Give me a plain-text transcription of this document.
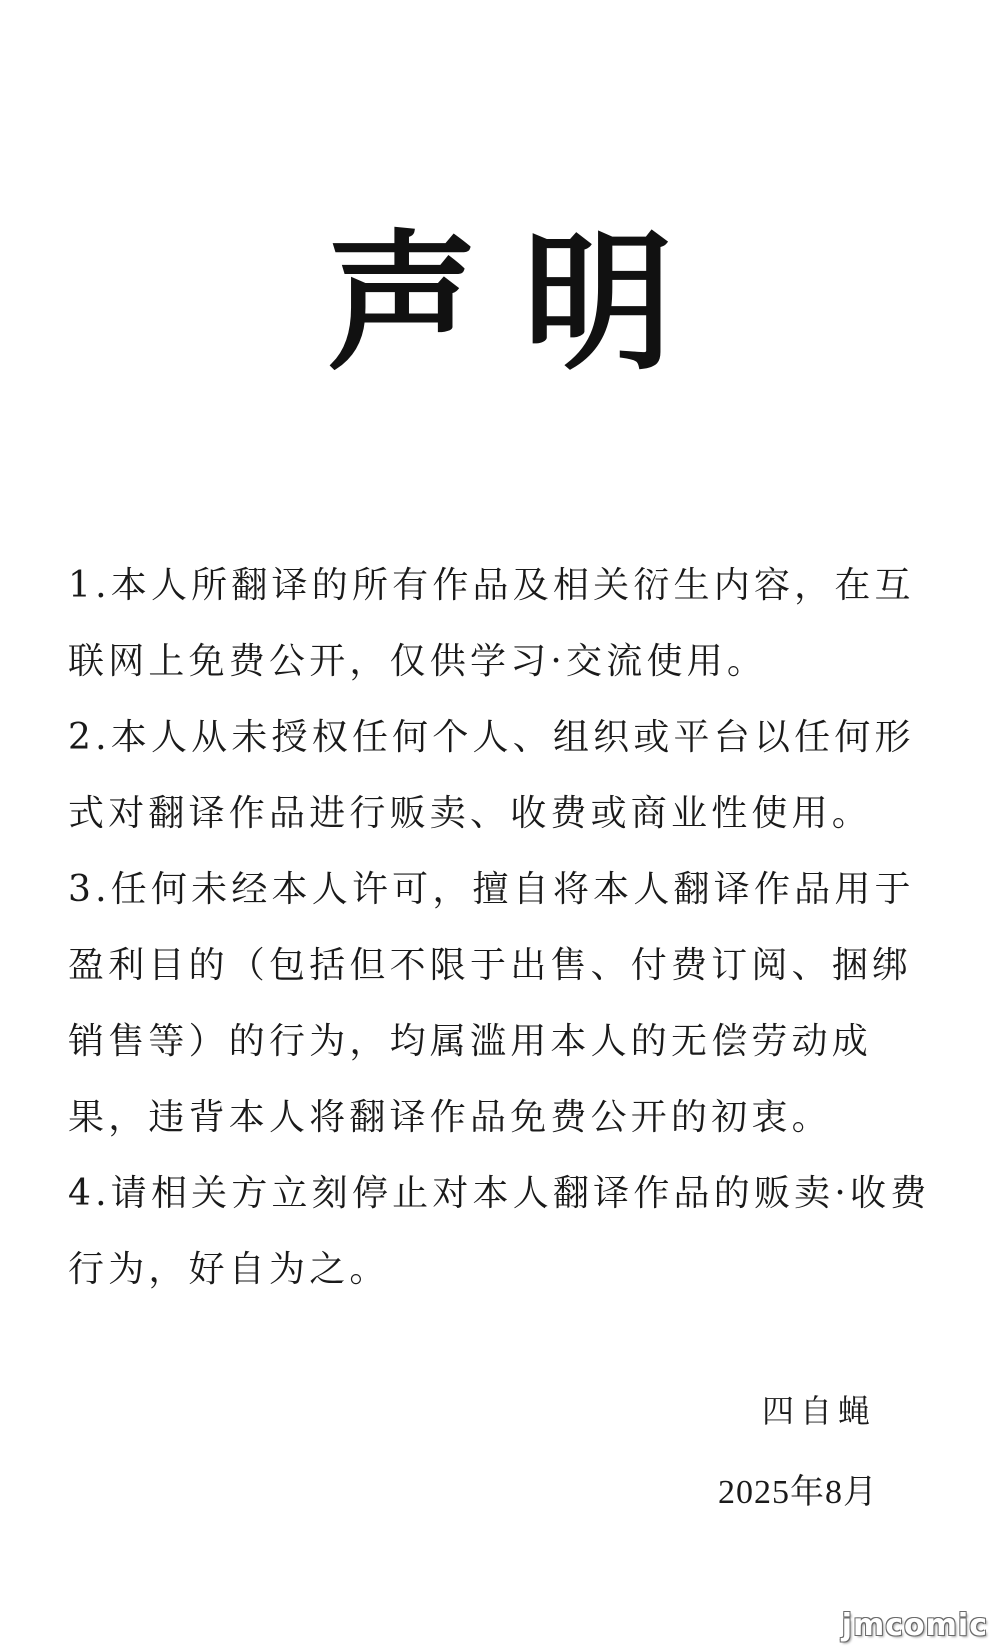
声明

1.本人所翻译的所有作品及相关衍生内容，在互联网上免费公开，仅供学习·交流使用。

2.本人从未授权任何个人、组织或平台以任何形式对翻译作品进行贩卖、收费或商业性使用。

3.任何未经本人许可，擅自将本人翻译作品用于盈利目的（包括但不限于出售、付费订阅、捆绑销售等）的行为，均属滥用本人的无偿劳动成果，违背本人将翻译作品免费公开的初衷。

4.请相关方立刻停止对本人翻译作品的贩卖·收费行为，好自为之。

四自蝇
2025年8月
jmcomic
